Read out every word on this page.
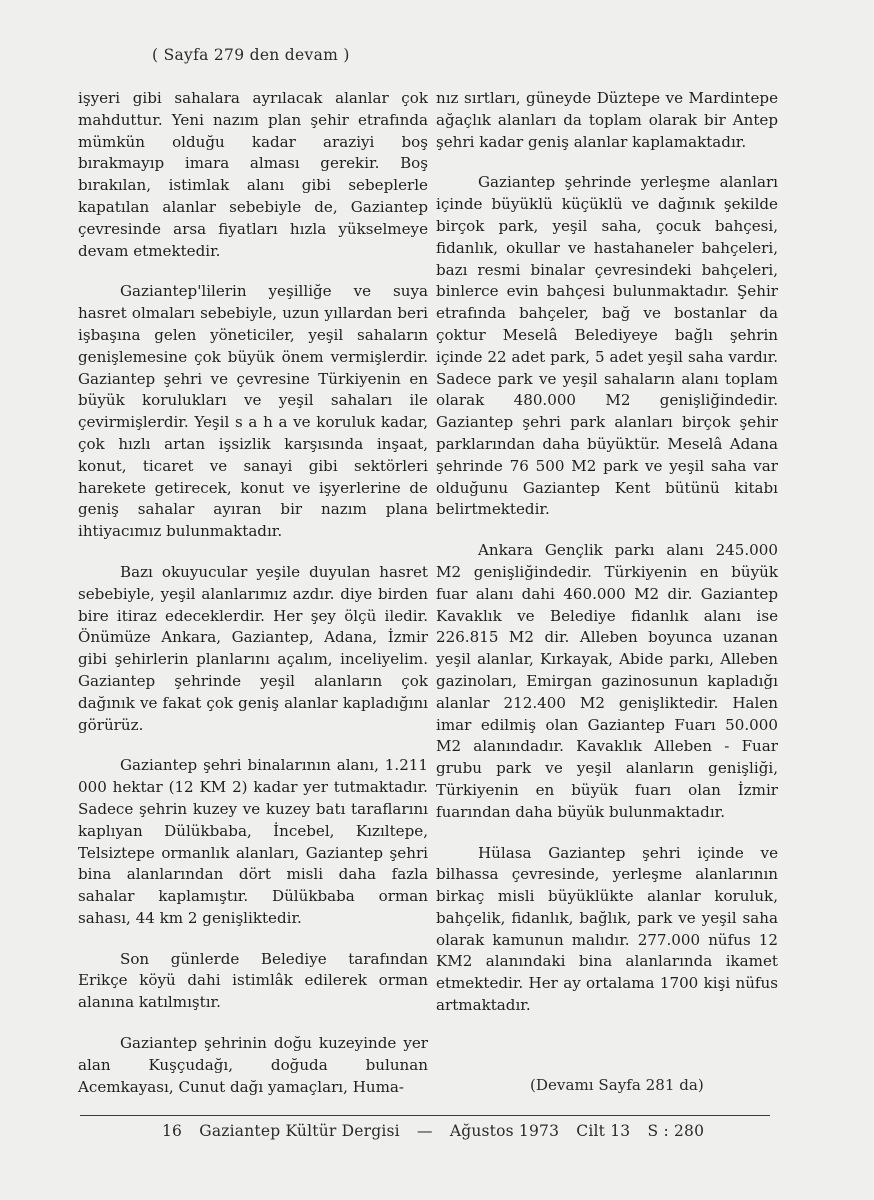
( Sayfa 279 den devam )

işyeri gibi sahalara ayrılacak alanlar çok mahduttur. Yeni nazım plan şehir etrafında mümkün olduğu kadar araziyi boş bırakmayıp imara alması gerekir. Boş bırakılan, istimlak alanı gibi sebeplerle kapatılan alanlar sebebiyle de, Gaziantep çevresinde arsa fiyatları hızla yükselmeye devam etmektedir.

Gaziantep'lilerin yeşilliğe ve suya hasret olmaları sebebiyle, uzun yıllardan beri işbaşına gelen yöneticiler, yeşil sahaların genişlemesine çok büyük önem vermişlerdir. Gaziantep şehri ve çevresine Türkiyenin en büyük korulukları ve yeşil sahaları ile çevirmişlerdir. Yeşil s a h a ve koruluk kadar, çok hızlı artan işsizlik karşısında inşaat, konut, ticaret ve sanayi gibi sektörleri harekete getirecek, konut ve işyerlerine de geniş sahalar ayıran bir nazım plana ihtiyacımız bulunmaktadır.

Bazı okuyucular yeşile duyulan hasret sebebiyle, yeşil alanlarımız azdır. diye birden bire itiraz edeceklerdir. Her şey ölçü iledir. Önümüze Ankara, Gaziantep, Adana, İzmir gibi şehirlerin planlarını açalım, inceliyelim. Gaziantep şehrinde yeşil alanların çok dağınık ve fakat çok geniş alanlar kapladığını görürüz.

Gaziantep şehri binalarının alanı, 1.211 000 hektar (12 KM 2) kadar yer tutmaktadır. Sadece şehrin kuzey ve kuzey batı taraflarını kaplıyan Dülükbaba, İncebel, Kızıltepe, Telsiztepe ormanlık alanları, Gaziantep şehri bina alanlarından dört misli daha fazla sahalar kaplamıştır. Dülükbaba orman sahası, 44 km 2 genişliktedir.

Son günlerde Belediye tarafından Erikçe köyü dahi istimlâk edilerek orman alanına katılmıştır.

Gaziantep şehrinin doğu kuzeyinde yer alan Kuşçudağı, doğuda bulunan Acemkayası, Cunut dağı yamaçları, Huma-

nız sırtları, güneyde Düztepe ve Mardintepe ağaçlık alanları da toplam olarak bir Antep şehri kadar geniş alanlar kaplamaktadır.

Gaziantep şehrinde yerleşme alanları içinde büyüklü küçüklü ve dağınık şekilde birçok park, yeşil saha, çocuk bahçesi, fidanlık, okullar ve hastahaneler bahçeleri, bazı resmi binalar çevresindeki bahçeleri, binlerce evin bahçesi bulunmaktadır. Şehir etrafında bahçeler, bağ ve bostanlar da çoktur Meselâ Belediyeye bağlı şehrin içinde 22 adet park, 5 adet yeşil saha vardır. Sadece park ve yeşil sahaların alanı toplam olarak 480.000 M2 genişliğindedir. Gaziantep şehri park alanları birçok şehir parklarından daha büyüktür. Meselâ Adana şehrinde 76 500 M2 park ve yeşil saha var olduğunu Gaziantep Kent bütünü kitabı belirtmektedir.

Ankara Gençlik parkı alanı 245.000 M2 genişliğindedir. Türkiyenin en büyük fuar alanı dahi 460.000 M2 dir. Gaziantep Kavaklık ve Belediye fidanlık alanı ise 226.815 M2 dir. Alleben boyunca uzanan yeşil alanlar, Kırkayak, Abide parkı, Alleben gazinoları, Emirgan gazinosunun kapladığı alanlar 212.400 M2 genişliktedir. Halen imar edilmiş olan Gaziantep Fuarı 50.000 M2 alanındadır. Kavaklık Alleben - Fuar grubu park ve yeşil alanların genişliği, Türkiyenin en büyük fuarı olan İzmir fuarından daha büyük bulunmaktadır.

Hülasa Gaziantep şehri içinde ve bilhassa çevresinde, yerleşme alanlarının birkaç misli büyüklükte alanlar koruluk, bahçelik, fidanlık, bağlık, park ve yeşil saha olarak kamunun malıdır. 277.000 nüfus 12 KM2 alanındaki bina alanlarında ikamet etmektedir. Her ay ortalama 1700 kişi nüfus artmaktadır.

(Devamı Sayfa 281 da)
16 Gaziantep Kültür Dergisi — Ağustos 1973 Cilt 13 S : 280
